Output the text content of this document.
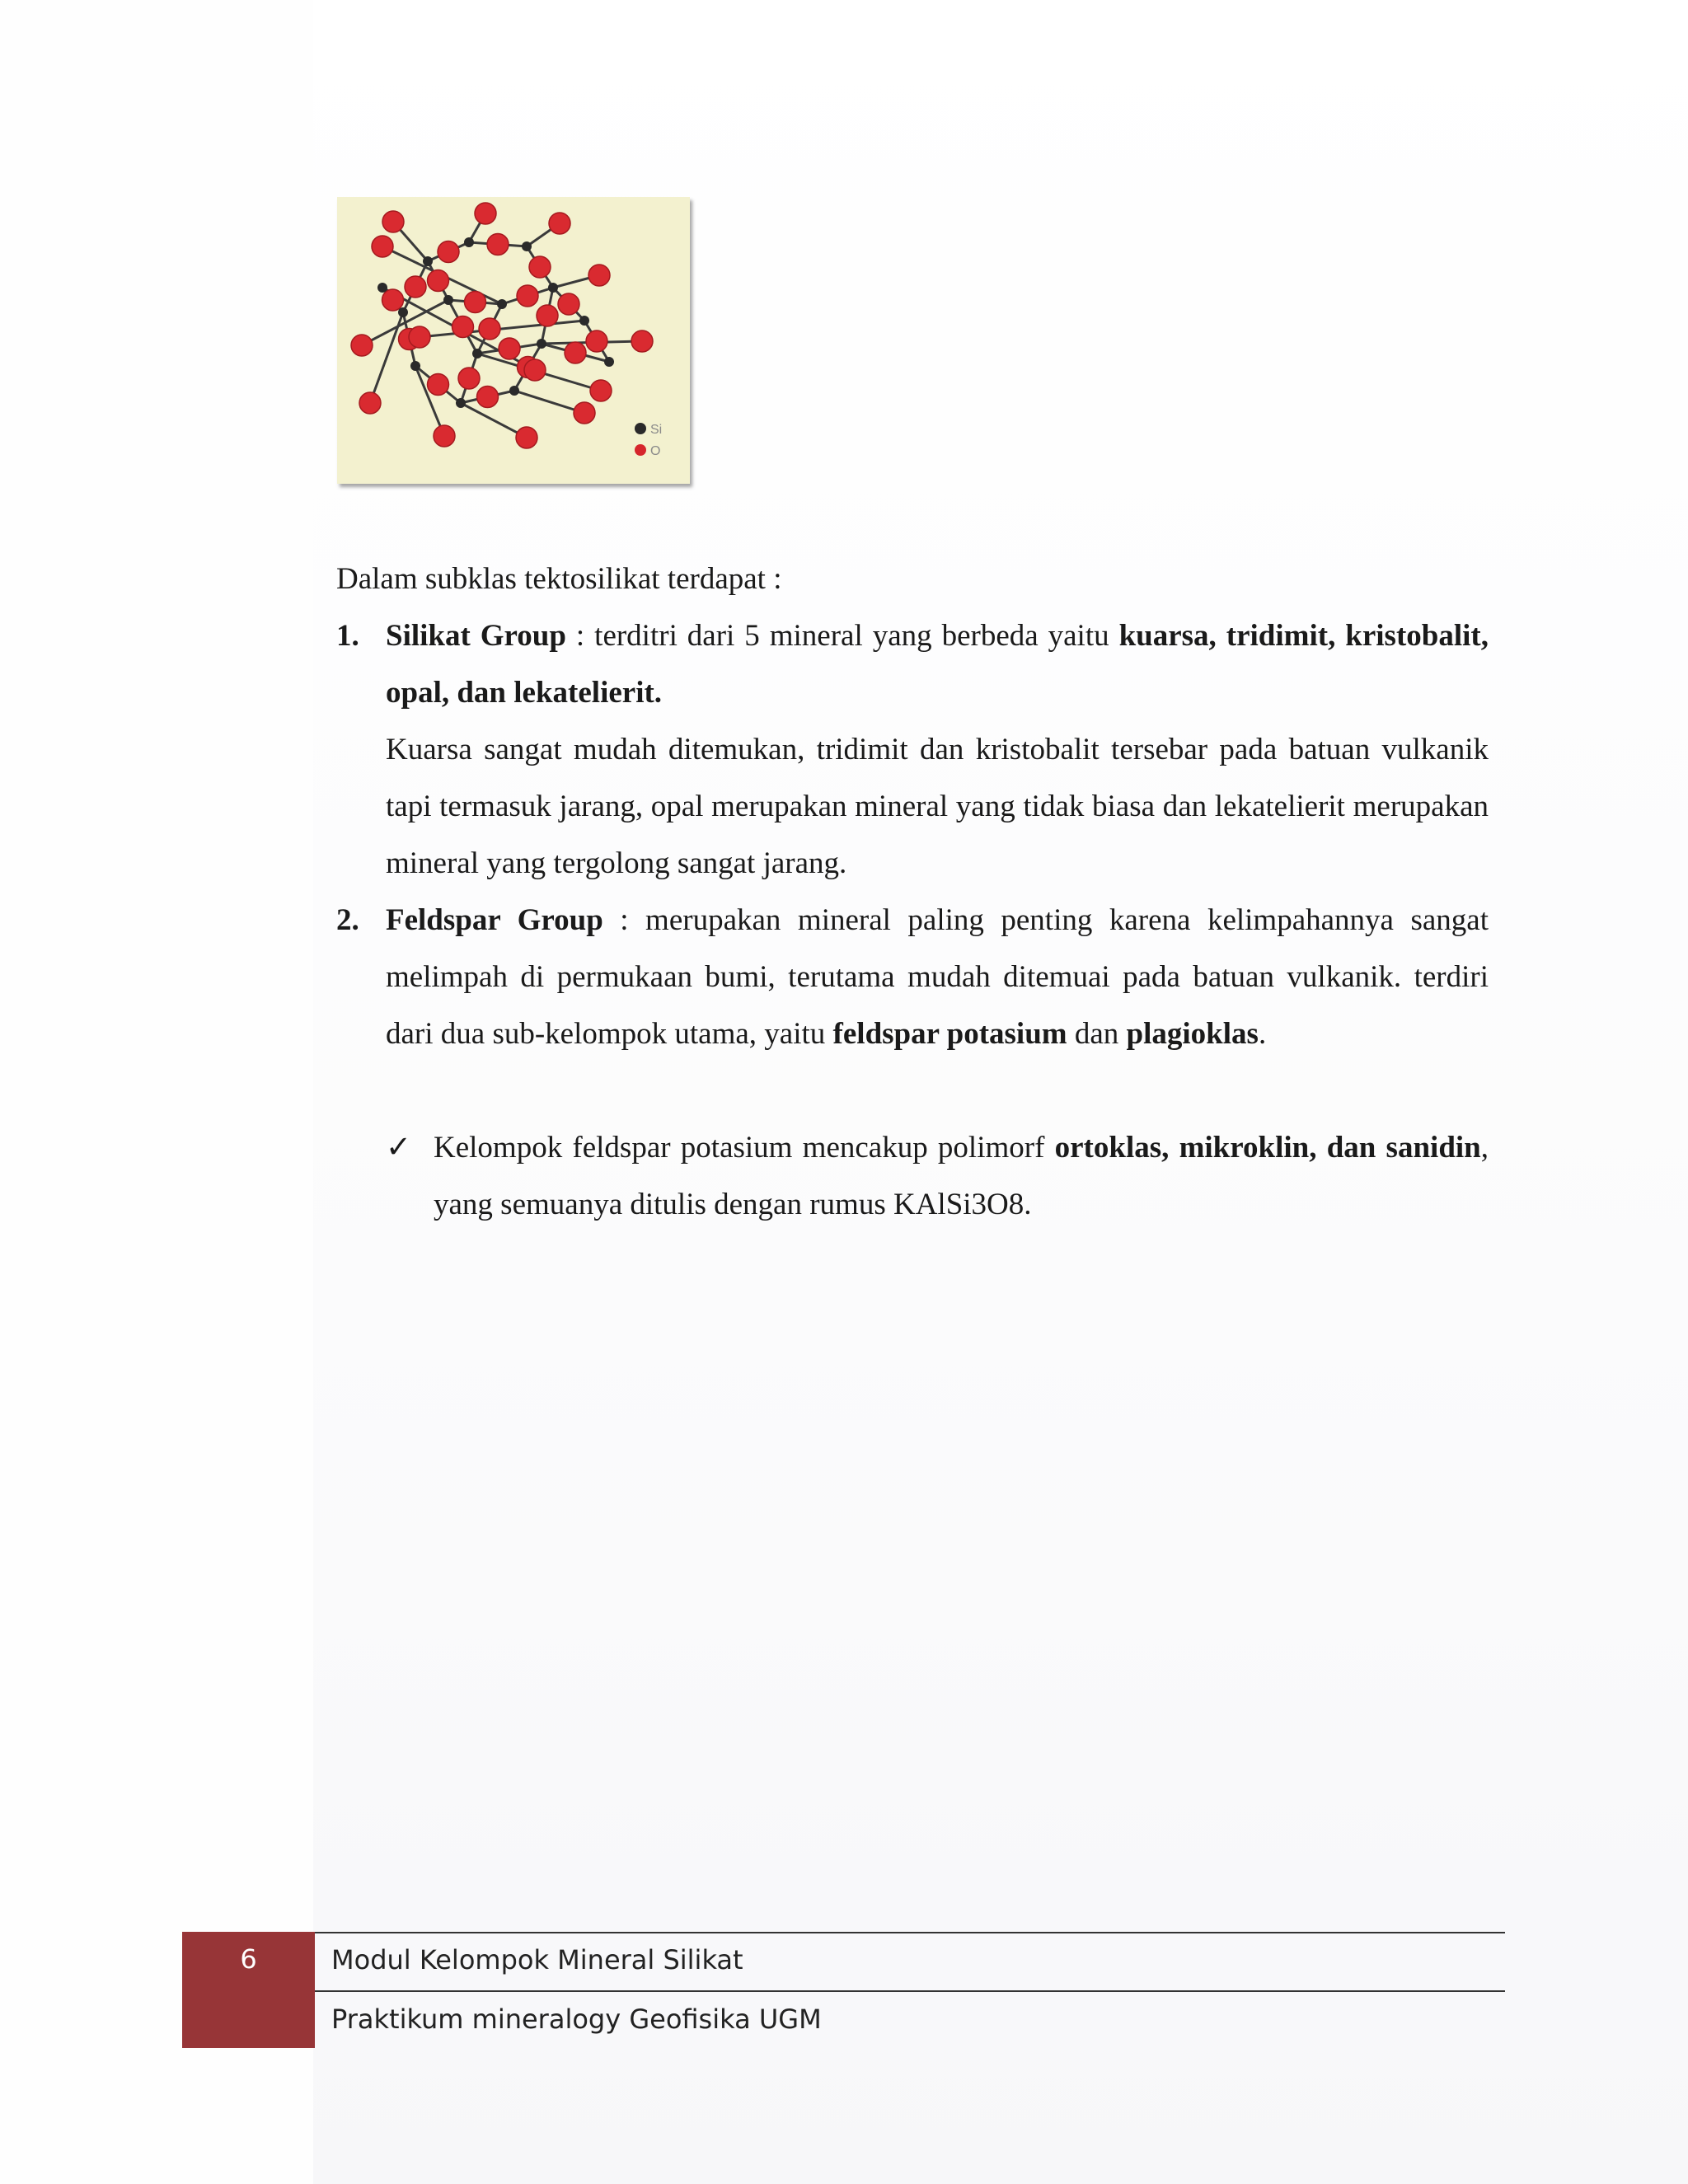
Si
O
Dalam subklas tektosilikat terdapat :
1. Silikat Group : terditri dari 5 mineral yang berbeda yaitu kuarsa, tridimit, kristobalit, opal, dan lekatelierit.

Kuarsa sangat mudah ditemukan, tridimit dan kristobalit tersebar pada batuan vulkanik tapi termasuk jarang, opal merupakan mineral yang tidak biasa dan lekatelierit merupakan mineral yang tergolong sangat jarang.

2. Feldspar Group : merupakan mineral paling penting karena kelimpahannya sangat melimpah di permukaan bumi, terutama mudah ditemuai pada batuan vulkanik. terdiri dari dua sub-kelompok utama, yaitu feldspar potasium dan plagioklas.

✓ Kelompok feldspar potasium mencakup polimorf ortoklas, mikroklin, dan sanidin, yang semuanya ditulis dengan rumus KAlSi3O8.
6	Modul Kelompok Mineral Silikat
Praktikum mineralogy Geofisika UGM
